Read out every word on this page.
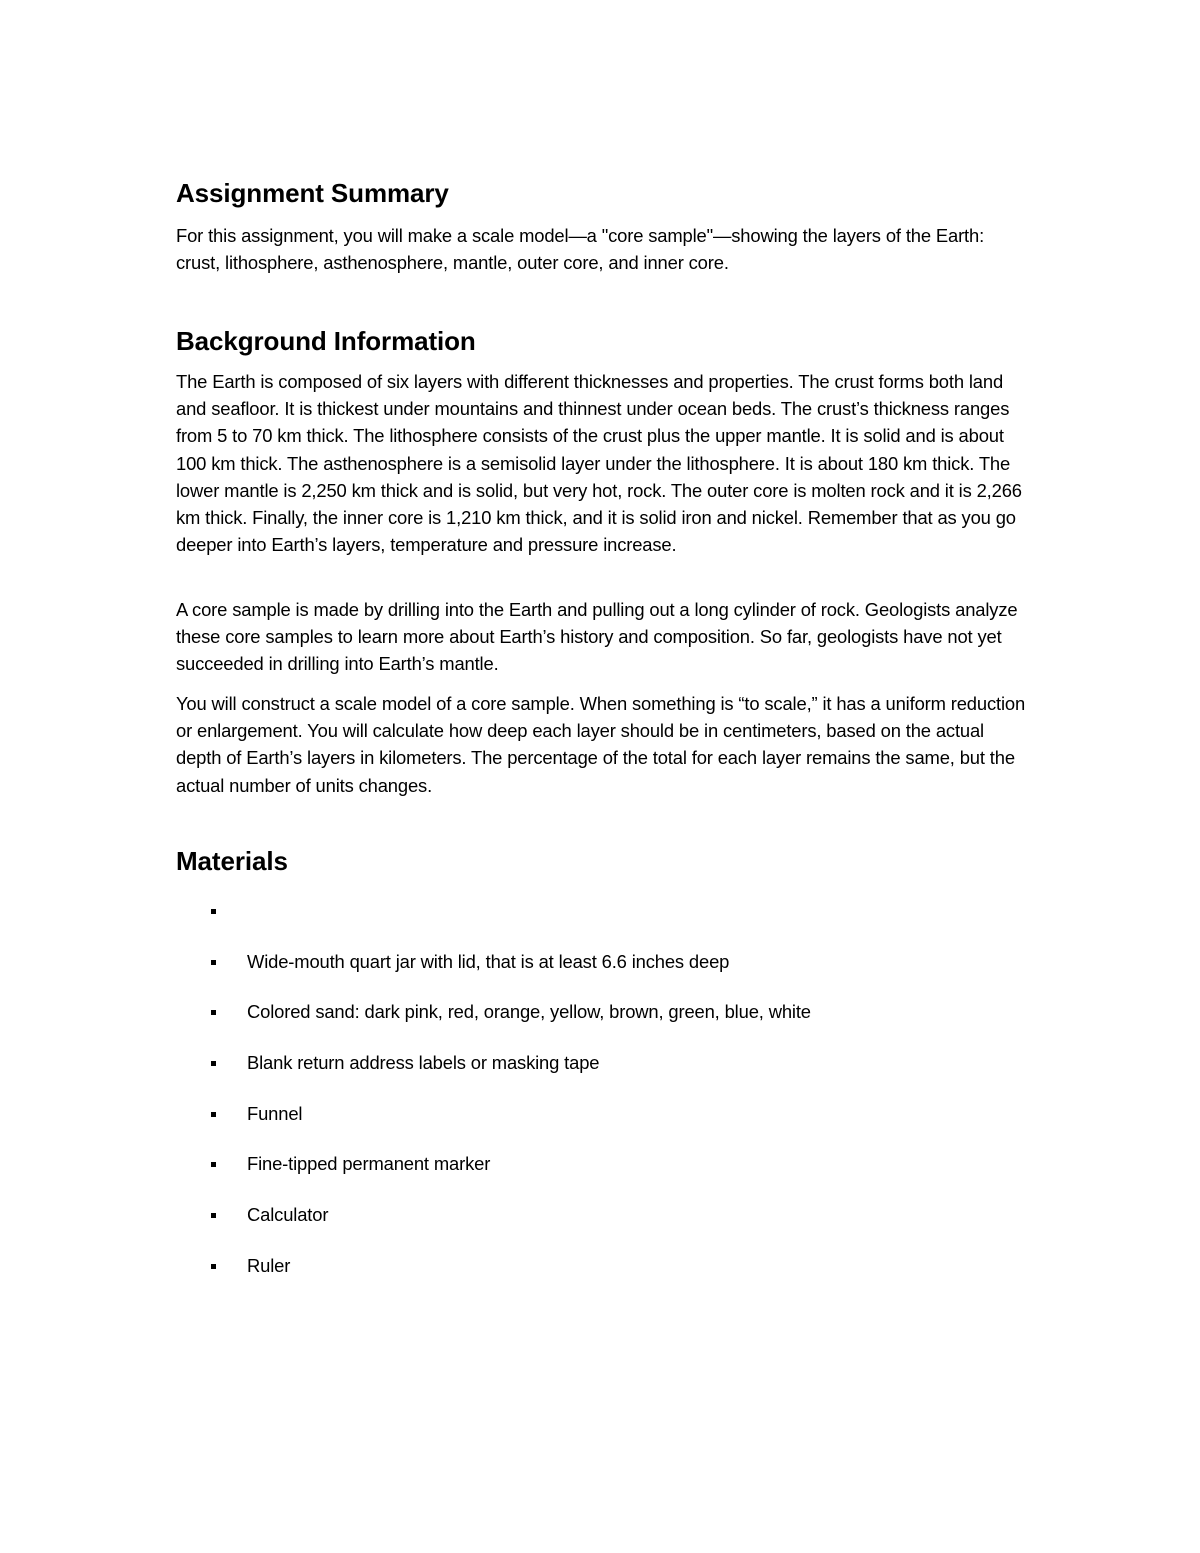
Assignment Summary

For this assignment, you will make a scale model—a "core sample"—showing the layers of the Earth: crust, lithosphere, asthenosphere, mantle, outer core, and inner core.

Background Information

The Earth is composed of six layers with different thicknesses and properties. The crust forms both land and seafloor. It is thickest under mountains and thinnest under ocean beds. The crust’s thickness ranges from 5 to 70 km thick. The lithosphere consists of the crust plus the upper mantle. It is solid and is about 100 km thick. The asthenosphere is a semisolid layer under the lithosphere. It is about 180 km thick. The lower mantle is 2,250 km thick and is solid, but very hot, rock. The outer core is molten rock and it is 2,266 km thick. Finally, the inner core is 1,210 km thick, and it is solid iron and nickel. Remember that as you go deeper into Earth’s layers, temperature and pressure increase.

A core sample is made by drilling into the Earth and pulling out a long cylinder of rock. Geologists analyze these core samples to learn more about Earth’s history and composition. So far, geologists have not yet succeeded in drilling into Earth’s mantle.

You will construct a scale model of a core sample. When something is “to scale,” it has a uniform reduction or enlargement. You will calculate how deep each layer should be in centimeters, based on the actual depth of Earth’s layers in kilometers. The percentage of the total for each layer remains the same, but the actual number of units changes.

Materials
Wide-mouth quart jar with lid, that is at least 6.6 inches deep
Colored sand: dark pink, red, orange, yellow, brown, green, blue, white
Blank return address labels or masking tape
Funnel
Fine-tipped permanent marker
Calculator
Ruler
